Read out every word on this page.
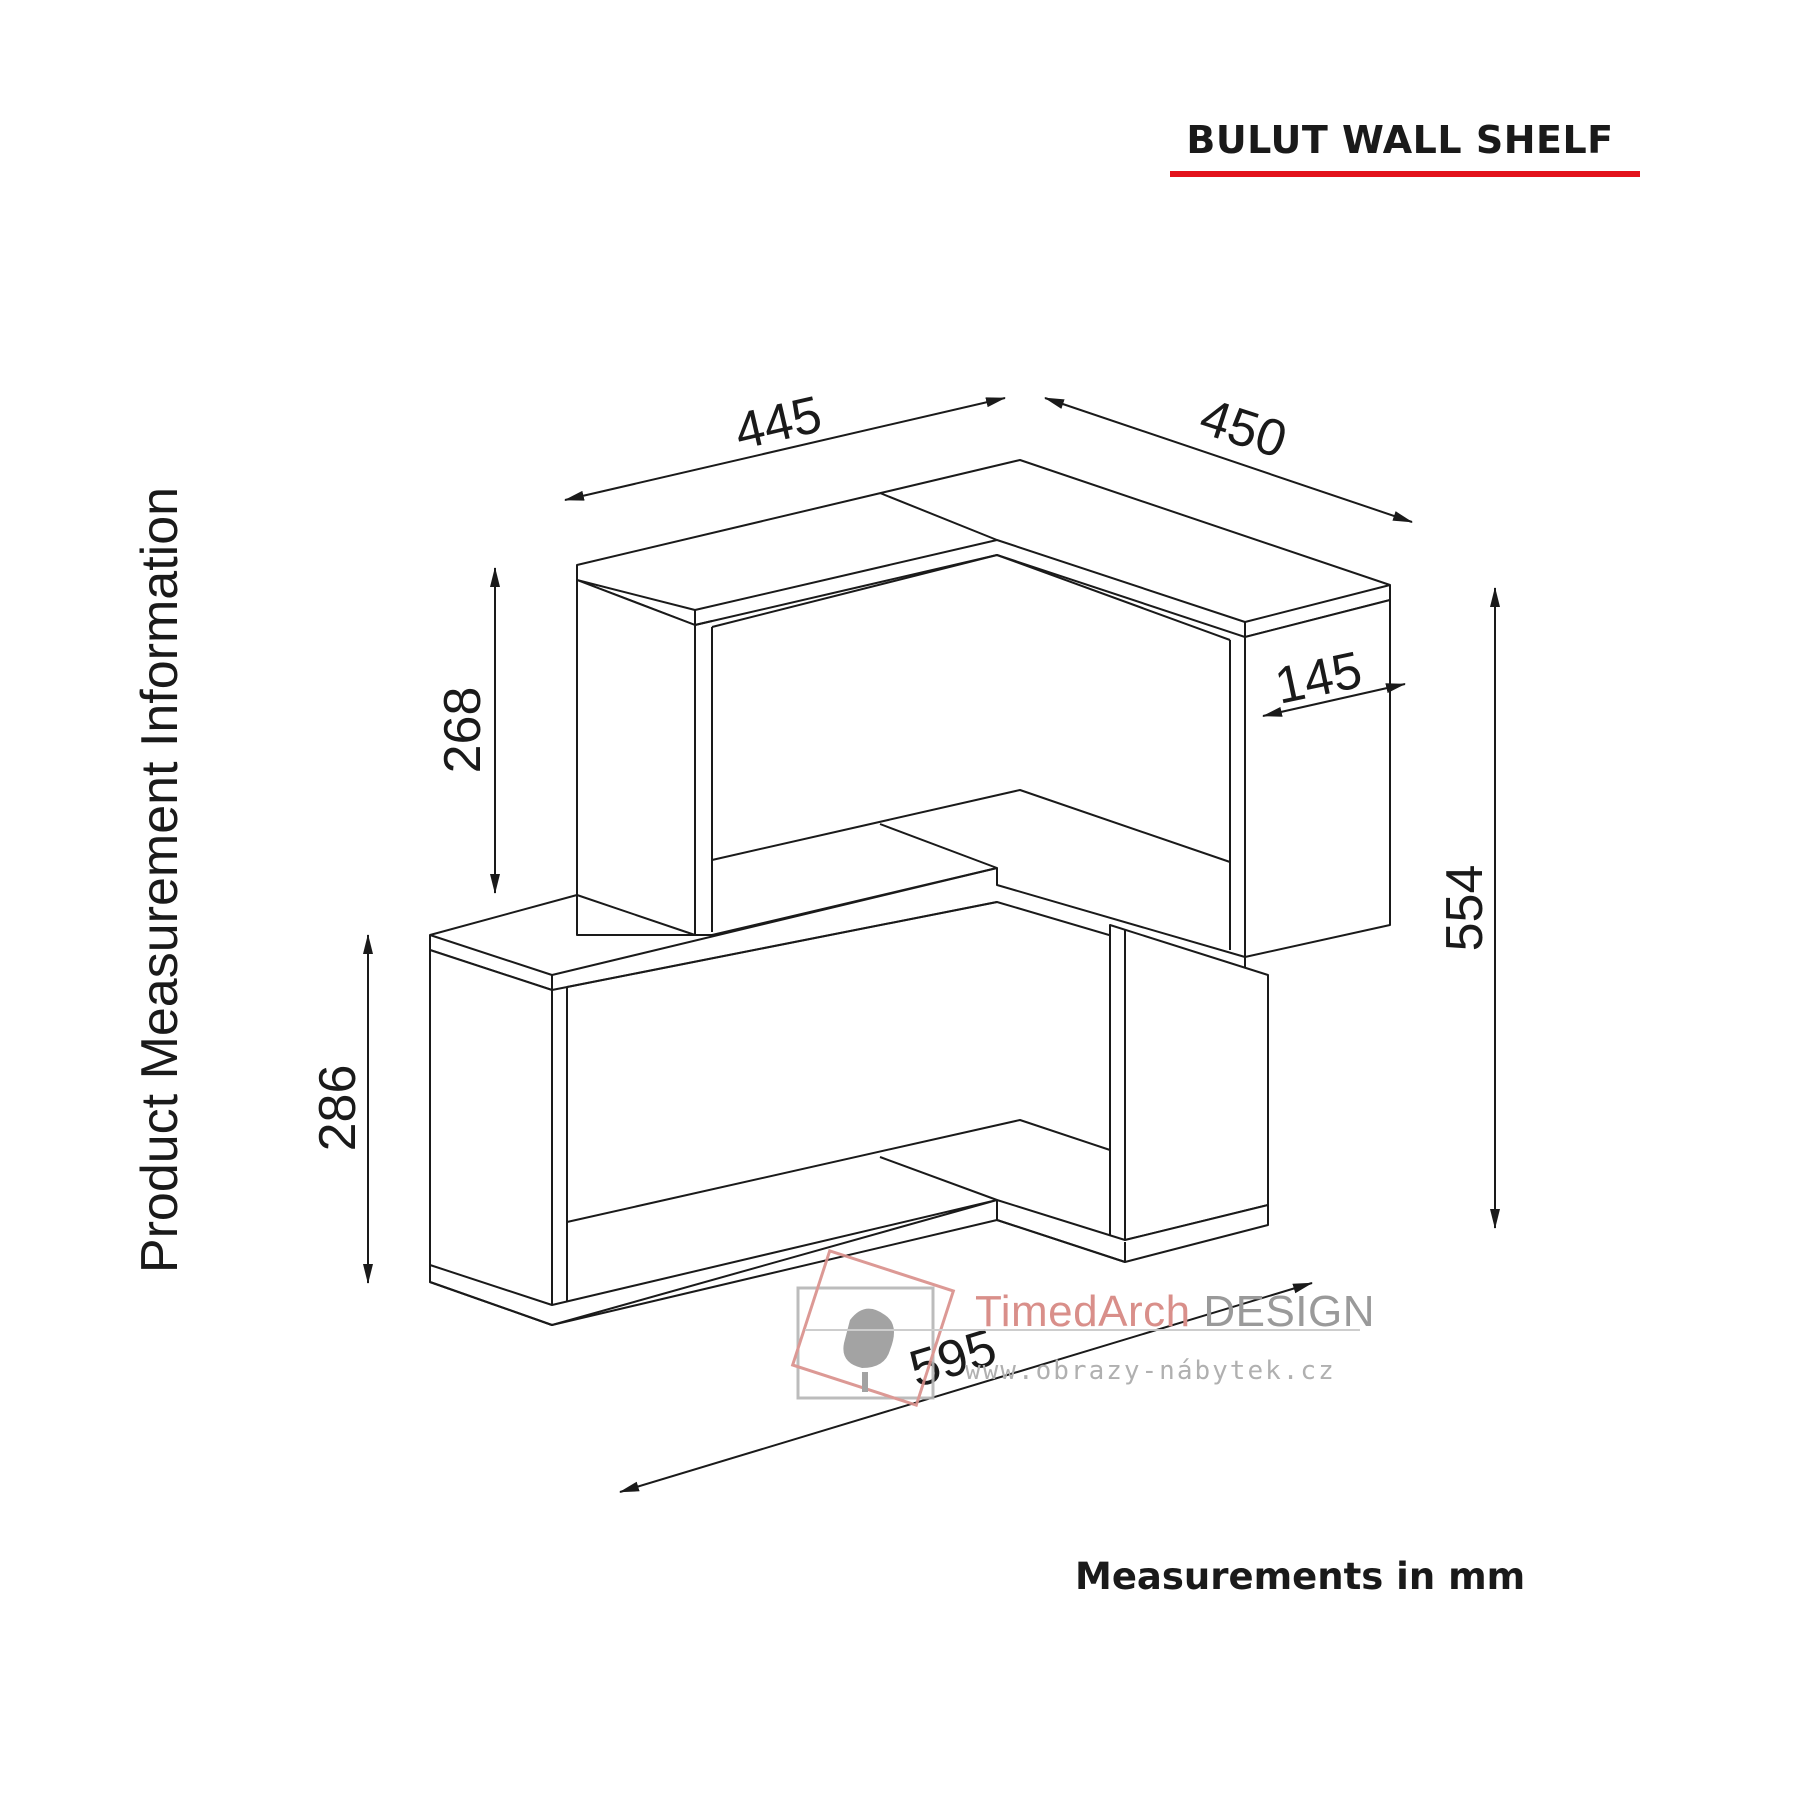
445	450
268
286
554
145
595
BULUT WALL SHELF
Product Measurement Information
TimedArch DESIGN
www.obrazy-nábytek.cz
Measurements in mm
